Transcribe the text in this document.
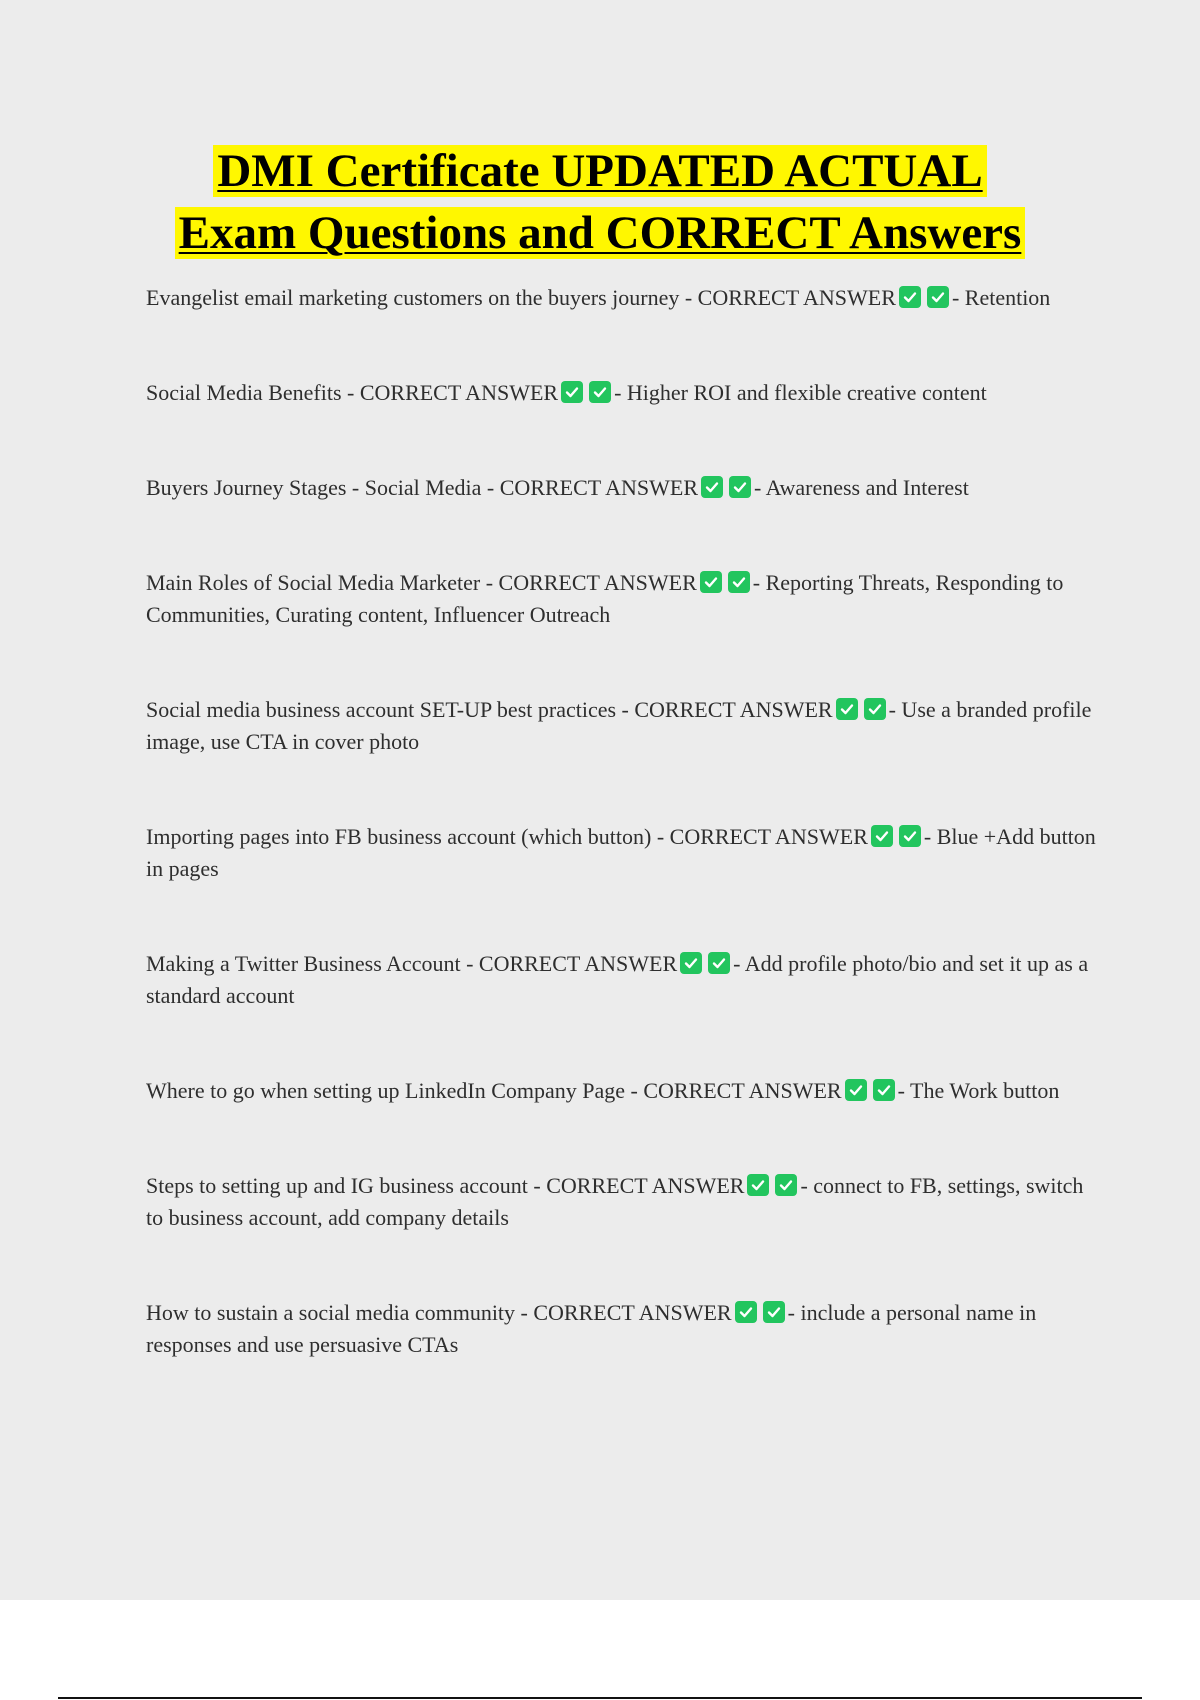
DMI Certificate UPDATED ACTUAL
Exam Questions and CORRECT Answers
Evangelist email marketing customers on the buyers journey - CORRECT ANSWER	- Retention
Social Media Benefits - CORRECT ANSWER	- Higher ROI and flexible creative content
Buyers Journey Stages - Social Media - CORRECT ANSWER	- Awareness and Interest
Main Roles of Social Media Marketer - CORRECT ANSWER	- Reporting Threats, Responding to Communities, Curating content, Influencer Outreach
Social media business account SET-UP best practices - CORRECT ANSWER	- Use a branded profile image, use CTA in cover photo
Importing pages into FB business account (which button) - CORRECT ANSWER	- Blue +Add button in pages
Making a Twitter Business Account - CORRECT ANSWER	- Add profile photo/bio and set it up as a standard account
Where to go when setting up LinkedIn Company Page - CORRECT ANSWER	- The Work button
Steps to setting up and IG business account - CORRECT ANSWER	- connect to FB, settings, switch to business account, add company details
How to sustain a social media community - CORRECT ANSWER	- include a personal name in responses and use persuasive CTAs
